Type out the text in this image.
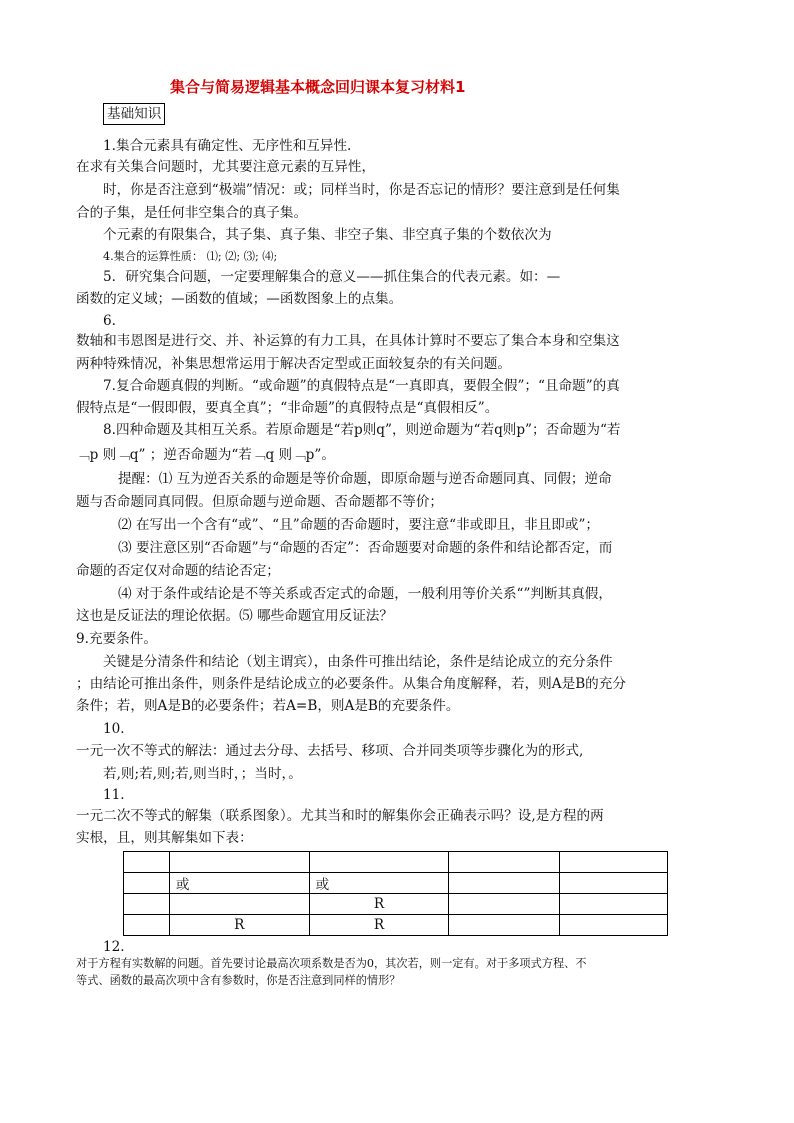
集合与简易逻辑基本概念回归课本复习材料1
基础知识
1.集合元素具有确定性、无序性和互异性.
在求有关集合问题时，尤其要注意元素的互异性，
时，你是否注意到“极端”情况：或；同样当时，你是否忘记的情形？要注意到是任何集
合的子集，是任何非空集合的真子集。
个元素的有限集合，其子集、真子集、非空子集、非空真子集的个数依次为
4.集合的运算性质： ⑴; ⑵; ⑶; ⑷;
5．研究集合问题，一定要理解集合的意义——抓住集合的代表元素。如：—
函数的定义域；—函数的值域；—函数图象上的点集。
6.
数轴和韦恩图是进行交、并、补运算的有力工具，在具体计算时不要忘了集合本身和空集这
两种特殊情况，补集思想常运用于解决否定型或正面较复杂的有关问题。
7.复合命题真假的判断。“或命题”的真假特点是“一真即真，要假全假”；“且命题”的真
假特点是“一假即假，要真全真”；“非命题”的真假特点是“真假相反”。
8.四种命题及其相互关系。若原命题是“若p则q”，则逆命题为“若q则p”；否命题为“若
﹁p 则﹁q” ；逆否命题为“若﹁q 则﹁p”。
提醒：⑴ 互为逆否关系的命题是等价命题，即原命题与逆否命题同真、同假；逆命
题与否命题同真同假。但原命题与逆命题、否命题都不等价；
⑵ 在写出一个含有“或”、“且”命题的否命题时，要注意“非或即且，非且即或”；
⑶ 要注意区别“否命题”与“命题的否定”：否命题要对命题的条件和结论都否定，而
命题的否定仅对命题的结论否定；
⑷ 对于条件或结论是不等关系或否定式的命题，一般利用等价关系“”判断其真假，
这也是反证法的理论依据。⑸ 哪些命题宜用反证法？
9.充要条件。
关键是分清条件和结论（划主谓宾），由条件可推出结论，条件是结论成立的充分条件
；由结论可推出条件，则条件是结论成立的必要条件。从集合角度解释，若，则A是B的充分
条件；若，则A是B的必要条件；若A=B，则A是B的充要条件。
10.
一元一次不等式的解法：通过去分母、去括号、移项、合并同类项等步骤化为的形式,
若,则;若,则;若,则当时，；当时，。
11.
一元二次不等式的解集（联系图象）。尤其当和时的解集你会正确表示吗？设,是方程的两
实根，且，则其解集如下表：

	或	或		
		R		
	R	R		
12.
对于方程有实数解的问题。首先要讨论最高次项系数是否为0，其次若，则一定有。对于多项式方程、不
等式、函数的最高次项中含有参数时，你是否注意到同样的情形？
